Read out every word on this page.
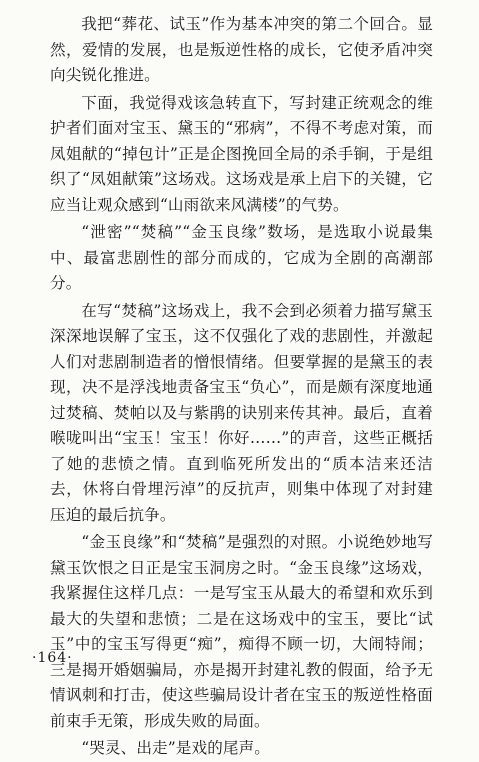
我把“葬花、试玉”作为基本冲突的第二个回合。显然，爱情的发展，也是叛逆性格的成长，它使矛盾冲突向尖锐化推进。

下面，我觉得戏该急转直下，写封建正统观念的维护者们面对宝玉、黛玉的“邪病”，不得不考虑对策，而凤姐献的“掉包计”正是企图挽回全局的杀手锏，于是组织了“凤姐献策”这场戏。这场戏是承上启下的关键，它应当让观众感到“山雨欲来风满楼”的气势。

“泄密”“焚稿”“金玉良缘”数场，是选取小说最集中、最富悲剧性的部分而成的，它成为全剧的高潮部分。

在写“焚稿”这场戏上，我不会到必须着力描写黛玉深深地误解了宝玉，这不仅强化了戏的悲剧性，并激起人们对悲剧制造者的憎恨情绪。但要掌握的是黛玉的表现，决不是浮浅地责备宝玉“负心”，而是颇有深度地通过焚稿、焚帕以及与紫鹃的诀别来传其神。最后，直着喉咙叫出“宝玉！宝玉！你好……”的声音，这些正概括了她的悲愤之情。直到临死所发出的“质本洁来还洁去，休将白骨埋污淖”的反抗声，则集中体现了对封建压迫的最后抗争。

“金玉良缘”和“焚稿”是强烈的对照。小说绝妙地写黛玉饮恨之日正是宝玉洞房之时。“金玉良缘”这场戏，我紧握住这样几点：一是写宝玉从最大的希望和欢乐到最大的失望和悲愤；二是在这场戏中的宝玉，要比“试玉”中的宝玉写得更“痴”，痴得不顾一切，大闹特闹；三是揭开婚姻骗局，亦是揭开封建礼教的假面，给予无情讽刺和打击，使这些骗局设计者在宝玉的叛逆性格面前束手无策，形成失败的局面。

“哭灵、出走”是戏的尾声。

·164·
